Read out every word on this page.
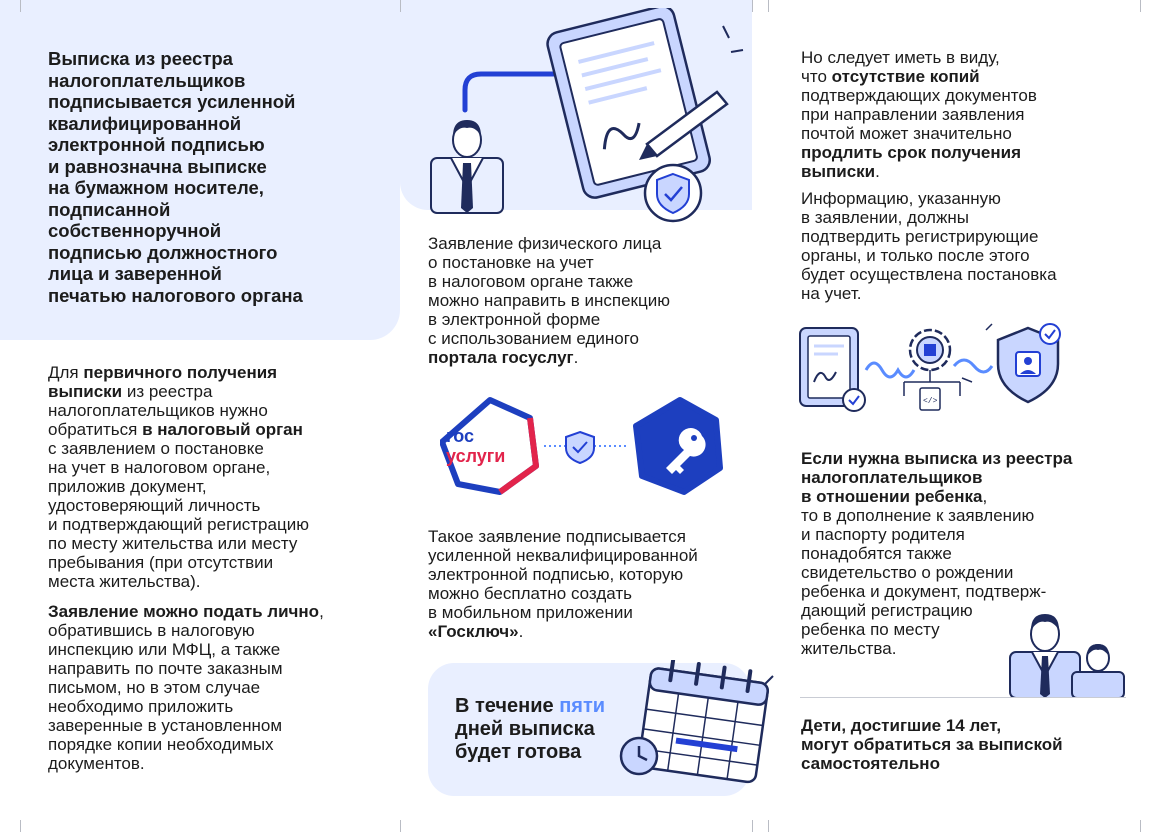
Выписка из реестра
налогоплательщиков
подписывается усиленной
квалифицированной
электронной подписью
и равнозначна выписке
на бумажном носителе,
подписанной
собственноручной
подписью должностного
лица и заверенной
печатью налогового органа
Для первичного получения
выписки из реестра
налогоплательщиков нужно
обратиться в налоговый орган
с заявлением о постановке
на учет в налоговом органе,
приложив документ,
удостоверяющий личность
и подтверждающий регистрацию
по месту жительства или месту
пребывания (при отсутствии
места жительства).
Заявление можно подать лично,
обратившись в налоговую
инспекцию или МФЦ, а также
направить по почте заказным
письмом, но в этом случае
необходимо приложить
заверенные в установленном
порядке копии необходимых
документов.
Заявление физического лица
о постановке на учет
в налоговом органе также
можно направить в инспекцию
в электронной форме
с использованием единого
портала госуслуг.
гос
услуги
Такое заявление подписывается
усиленной неквалифицированной
электронной подписью, которую
можно бесплатно создать
в мобильном приложении
«Госключ».
В течение пяти
дней выписка
будет готова
Но следует иметь в виду,
что отсутствие копий
подтверждающих документов
при направлении заявления
почтой может значительно
продлить срок получения
выписки.
Информацию, указанную
в заявлении, должны
подтвердить регистрирующие
органы, и только после этого
будет осуществлена постановка
на учет.
</>
Если нужна выписка из реестра
налогоплательщиков
в отношении ребенка,
то в дополнение к заявлению
и паспорту родителя
понадобятся также
свидетельство о рождении
ребенка и документ, подтверж-
дающий регистрацию
ребенка по месту
жительства.
Дети, достигшие 14 лет,
могут обратиться за выпиской
самостоятельно
